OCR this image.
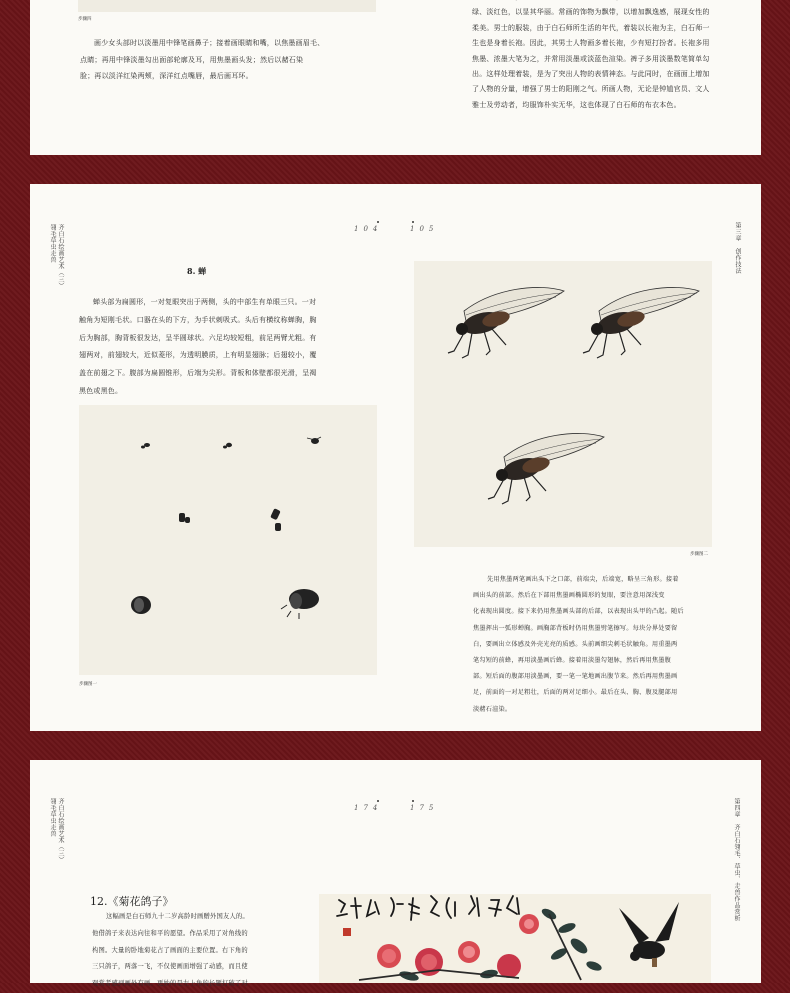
步骤四
画少女头部时以淡墨用中锋笔画鼻子；接着画眼睛和嘴，以焦墨画眉毛、
点睛；再用中锋淡墨勾出面部轮廓及耳，用焦墨画头发；然后以赭石染
脸；再以淡洋红染两颊，深洋红点嘴唇，最后画耳环。

绿、淡红色，以显其华丽。常画的饰物为飘带，以增加飘逸感，展现女性的
柔美。男士的服装，由于白石师所生活的年代，着装以长袍为主，白石师一
生也是身着长袍。因此，其男士人物画多着长袍，少有短打扮者。长袍多用
焦墨、浓墨大笔为之，并常用淡墨或淡蓝色渲染。裤子多用淡墨数笔简单勾
出。这样处理着装，是为了突出人物的表情神态。与此同时，在画面上增加
了人物的分量，增强了男士的阳刚之气。所画人物，无论是钟馗官员、文人
雅士及劳动者，均服饰朴实无华，这也体现了白石师的布衣本色。
齐白石绘画艺术（三）
翎毛草虫走兽	第三章　创作技法
104	105
8. 蝉
蝉头部为扁圆形，一对复眼突出于两侧，头的中部生有单眼三只。一对
触角为短刚毛状。口器在头的下方，为手状刺吸式。头后有横纹称蝉胸，胸
后为胸部，胸背板很发达，呈半圆球状。六足均较短粗，前足两臂尤粗。有
翅两对，前翅较大，近似菱形，为透明膜质，上有明显翅脉；后翅较小，覆
盖在前翅之下。腹部为扁圆锥形，后端为尖形。背板和体壁都很光滑，呈褐
黑色或黑色。
步骤图一
步骤图二
先用焦墨两笔画出头下之口部，前端尖，后端宽，略呈三角形。接着
画出头的前部。然后在下部用焦墨画椭圆形的复眼，要注意用深浅变
化表现出圆度。接下来仍用焦墨画头部的后部，以表现出头甲的凸起。随后
焦墨挥出一弧形蝉胸。画胸部背板时仍用焦墨劈笔擦写。每块分界处要留
白，要画出立体感及外壳光亮的质感。头前画细尖刺毛状触角。用重墨两
笔勾短的前蜂，再用淡墨画后蜂。接着用淡墨勾翅脉，然后再用焦墨腹
部。短后面的腹部用淡墨画，要一笔一笔地画出腹节来。然后再用焦墨画
足，前面的一对足粗壮，后面的两对足细小。最后在头、胸、腹及腿部用
淡赭石渲染。
齐白石绘画艺术（三）
翎毛草虫走兽	第四章　齐白石翎毛、草虫、走兽作品赏析
174	175
12.《菊花鸽子》
这幅画是白石师九十二岁高龄时画赠外国友人的。
他借鸽子来表达向往和平的愿望。作品采用了对角线的
构图。大量的卧地菊花占了画面的主要位置。右下角的
三只鸽子，两落一飞，不仅使画面增强了动感，而且使
观赏者感到画外有画。更妙的是左上角的长题打破了对
